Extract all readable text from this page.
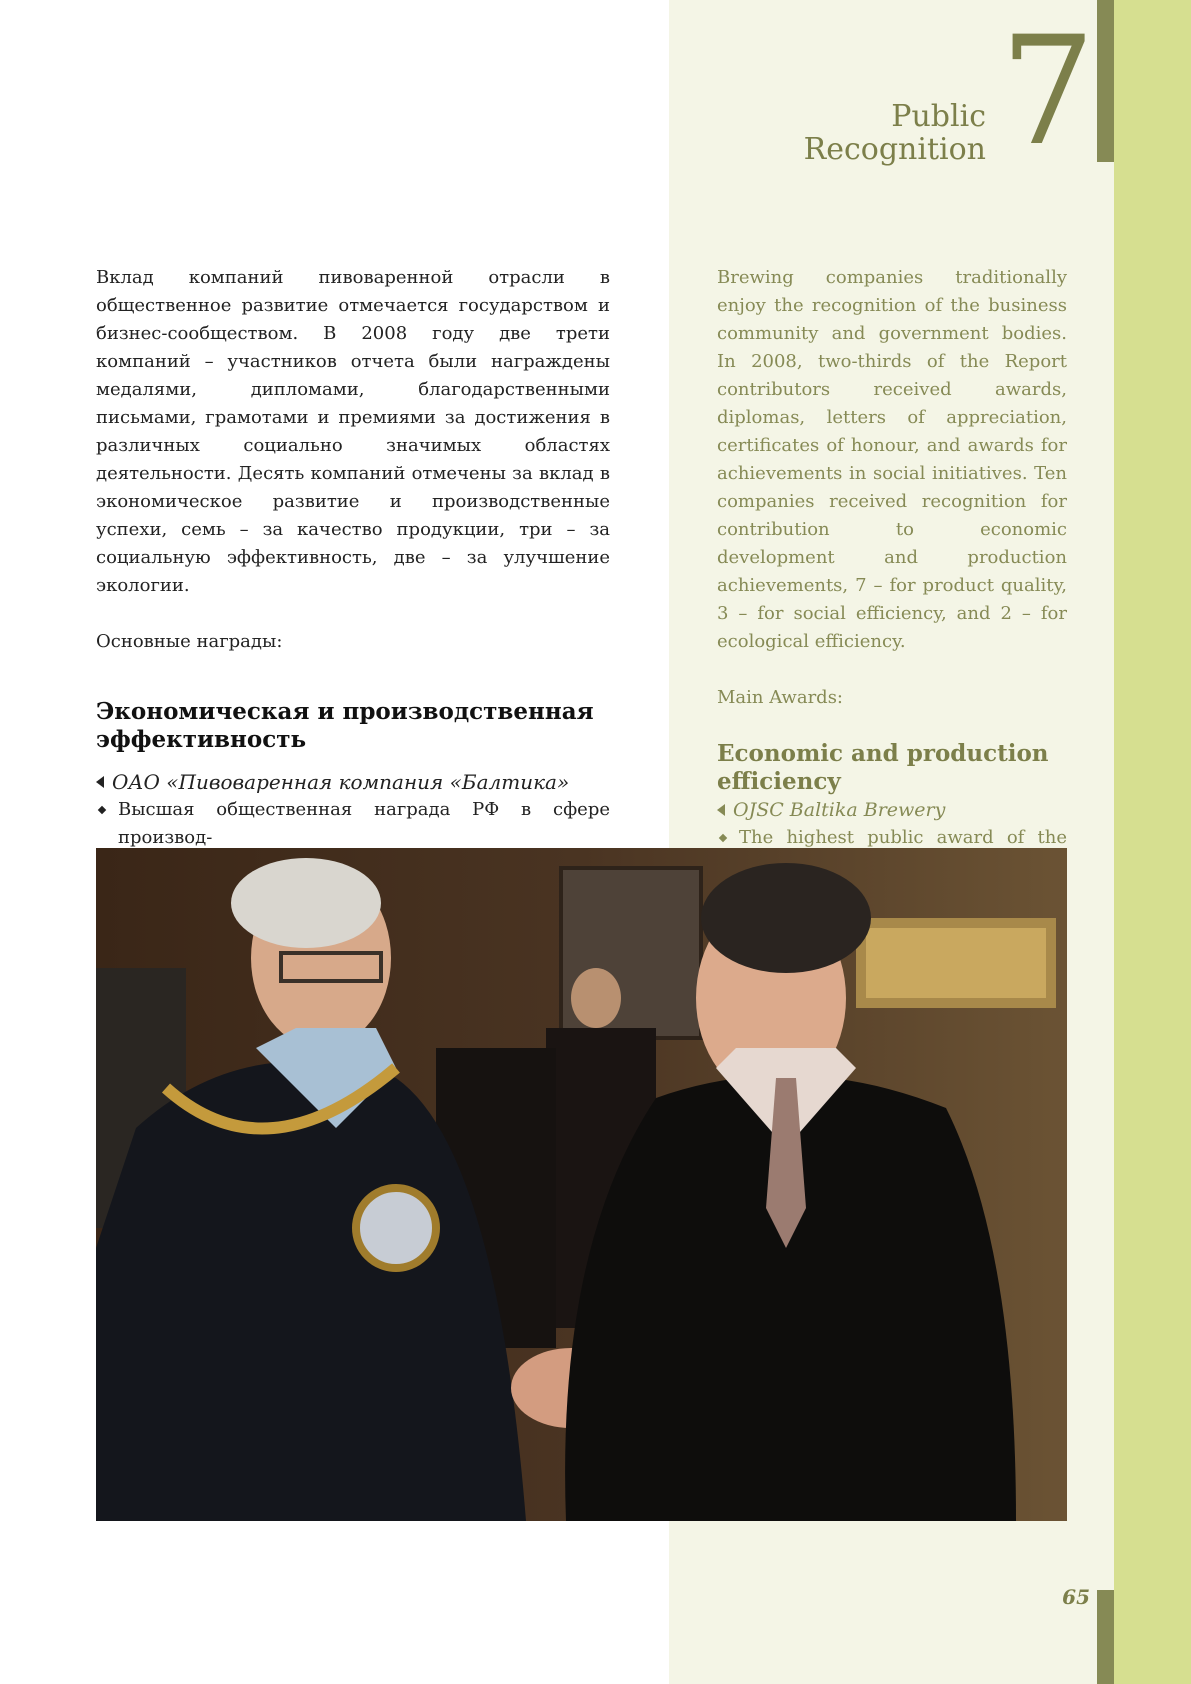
Public
Recognition 7

Вклад компаний пивоваренной отрасли в общественное развитие отмечается государством и бизнес-сообществом. В 2008 году две трети компаний – участников отчета были награждены медалями, дипломами, благодарственными письмами, грамотами и премиями за достижения в различных социально значимых областях деятельности. Десять компаний отмечены за вклад в экономическое развитие и производственные успехи, семь – за качество продукции, три – за социальную эффективность, две – за улучшение экологии.

Основные награды:

Экономическая и производственная
эффективность

ОАО «Пивоваренная компания «Балтика»

Высшая общественная награда РФ в сфере производ-

Brewing companies traditionally enjoy the recognition of the business community and government bodies. In 2008, two-thirds of the Report contributors received awards, diplomas, letters of appreciation, certificates of honour, and awards for achievements in social initiatives. Ten companies received recognition for contribution to economic development and production achievements, 7 – for product quality, 3 – for social efficiency, and 2 – for ecological efficiency.

Main Awards:

Economic and production
efficiency

OJSC Baltika Brewery

The highest public award of the

65
